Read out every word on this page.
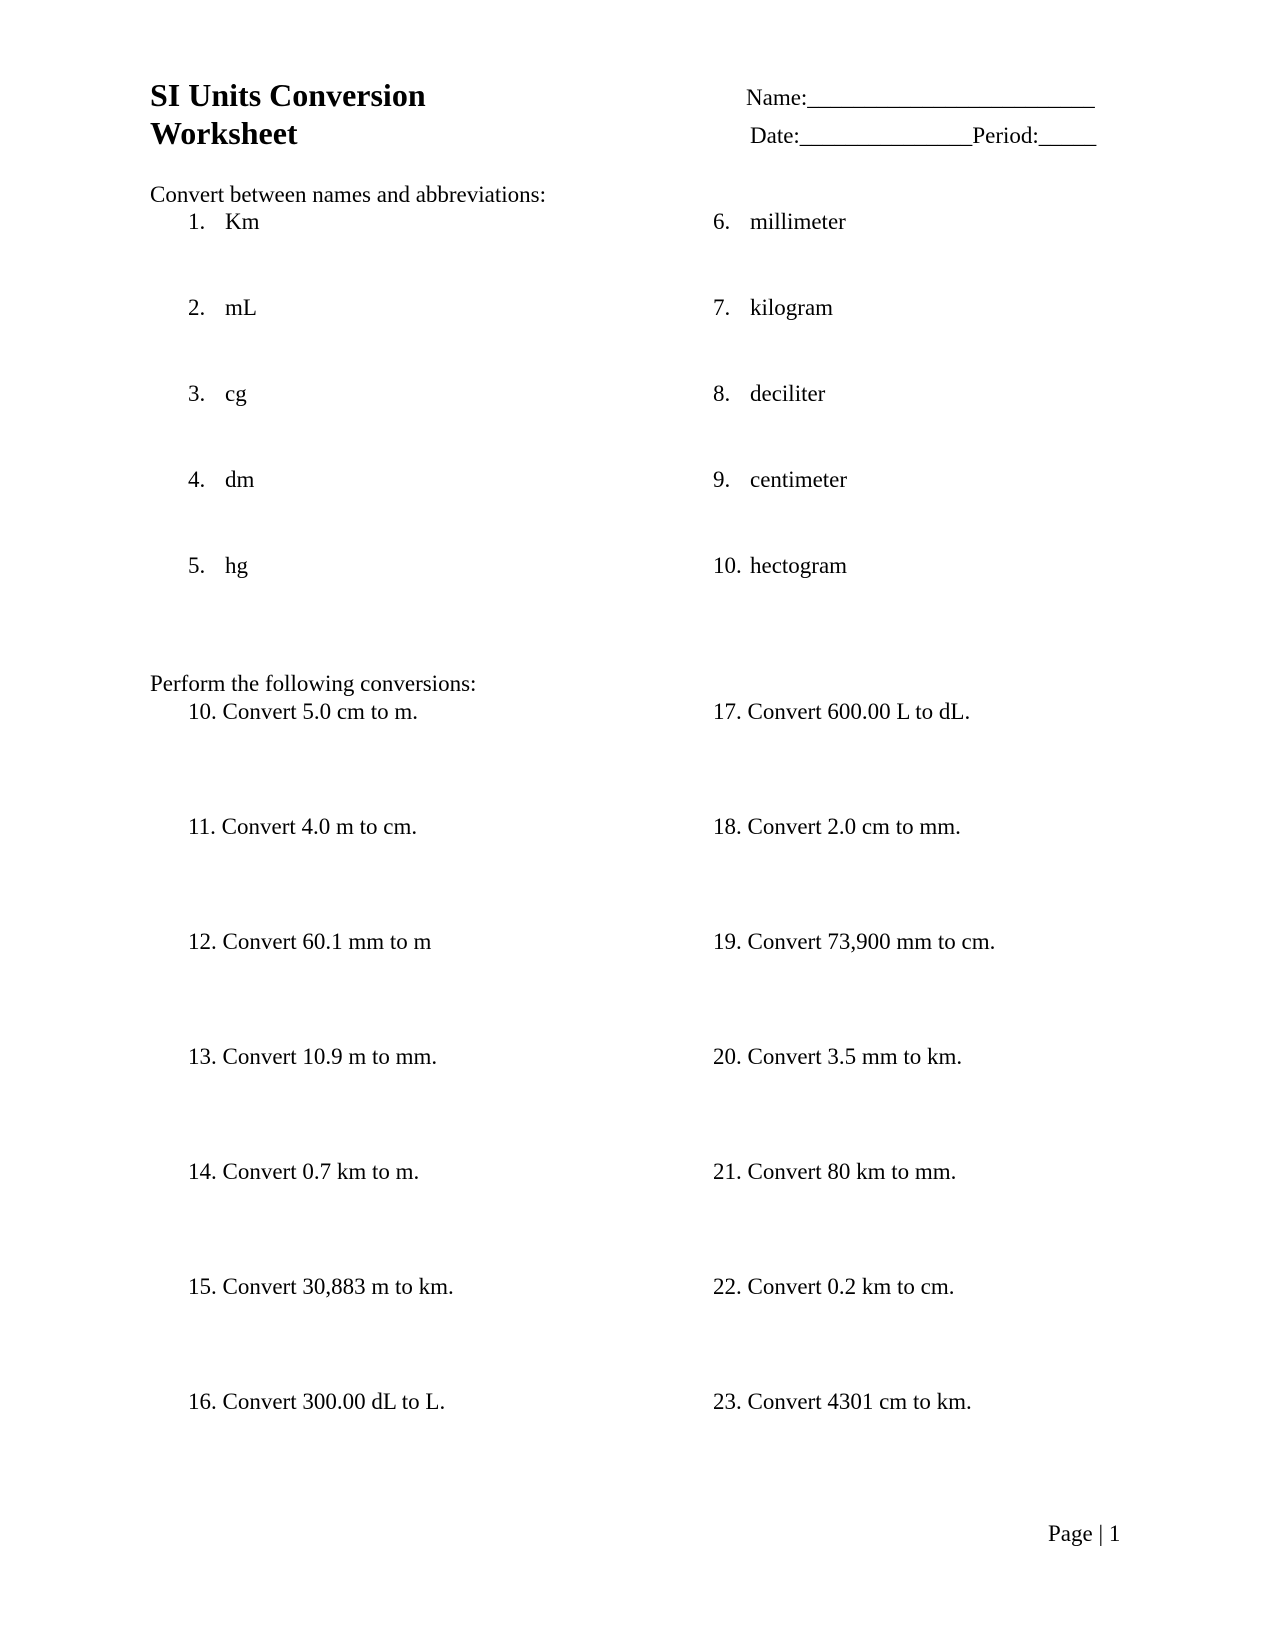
SI Units Conversion
Worksheet
Name:_________________________
Date:_______________Period:_____
Convert between names and abbreviations:
1. Km
2. mL
3. cg
4. dm
5. hg
6. millimeter
7. kilogram
8. deciliter
9. centimeter
10. hectogram
Perform the following conversions:
10. Convert 5.0 cm to m.
11. Convert 4.0 m to cm.
12. Convert 60.1 mm to m
13. Convert 10.9 m to mm.
14. Convert 0.7 km to m.
15. Convert 30,883 m to km.
16. Convert 300.00 dL to L.
17. Convert 600.00 L to dL.
18. Convert 2.0 cm to mm.
19. Convert 73,900 mm to cm.
20. Convert 3.5 mm to km.
21. Convert 80 km to mm.
22. Convert 0.2 km to cm.
23. Convert 4301 cm to km.
Page | 1
